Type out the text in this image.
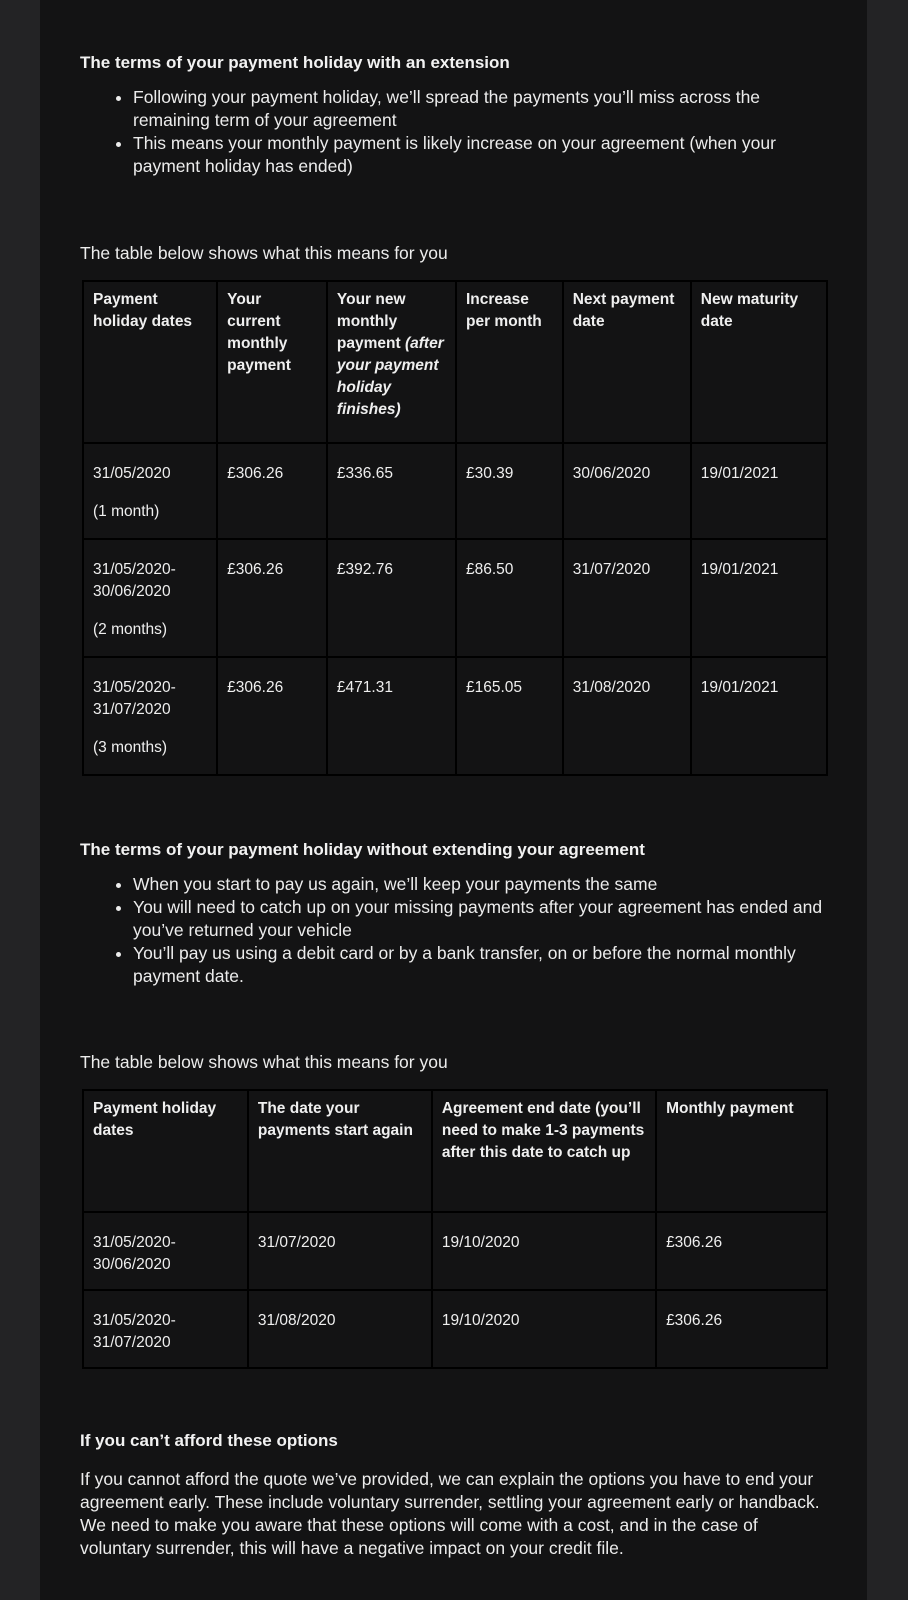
The terms of your payment holiday with an extension
• Following your payment holiday, we’ll spread the payments you’ll miss across the remaining term of your agreement
• This means your monthly payment is likely increase on your agreement (when your payment holiday has ended)

The table below shows what this means for you

Payment holiday dates	Your current monthly payment	Your new monthly payment (after your payment holiday finishes)	Increase per month	Next payment date	New maturity date

31/05/2020
(1 month)	£306.26	£336.65	£30.39	30/06/2020	19/01/2021

31/05/2020-30/06/2020
(2 months)	£306.26	£392.76	£86.50	31/07/2020	19/01/2021

31/05/2020-31/07/2020
(3 months)	£306.26	£471.31	£165.05	31/08/2020	19/01/2021
The terms of your payment holiday without extending your agreement
• When you start to pay us again, we’ll keep your payments the same
• You will need to catch up on your missing payments after your agreement has ended and you’ve returned your vehicle
• You’ll pay us using a debit card or by a bank transfer, on or before the normal monthly payment date.

The table below shows what this means for you

Payment holiday dates	The date your payments start again	Agreement end date (you’ll need to make 1-3 payments after this date to catch up	Monthly payment

31/05/2020-30/06/2020	31/07/2020	19/10/2020	£306.26

31/05/2020-31/07/2020	31/08/2020	19/10/2020	£306.26
If you can’t afford these options

If you cannot afford the quote we’ve provided, we can explain the options you have to end your agreement early. These include voluntary surrender, settling your agreement early or handback. We need to make you aware that these options will come with a cost, and in the case of voluntary surrender, this will have a negative impact on your credit file.
